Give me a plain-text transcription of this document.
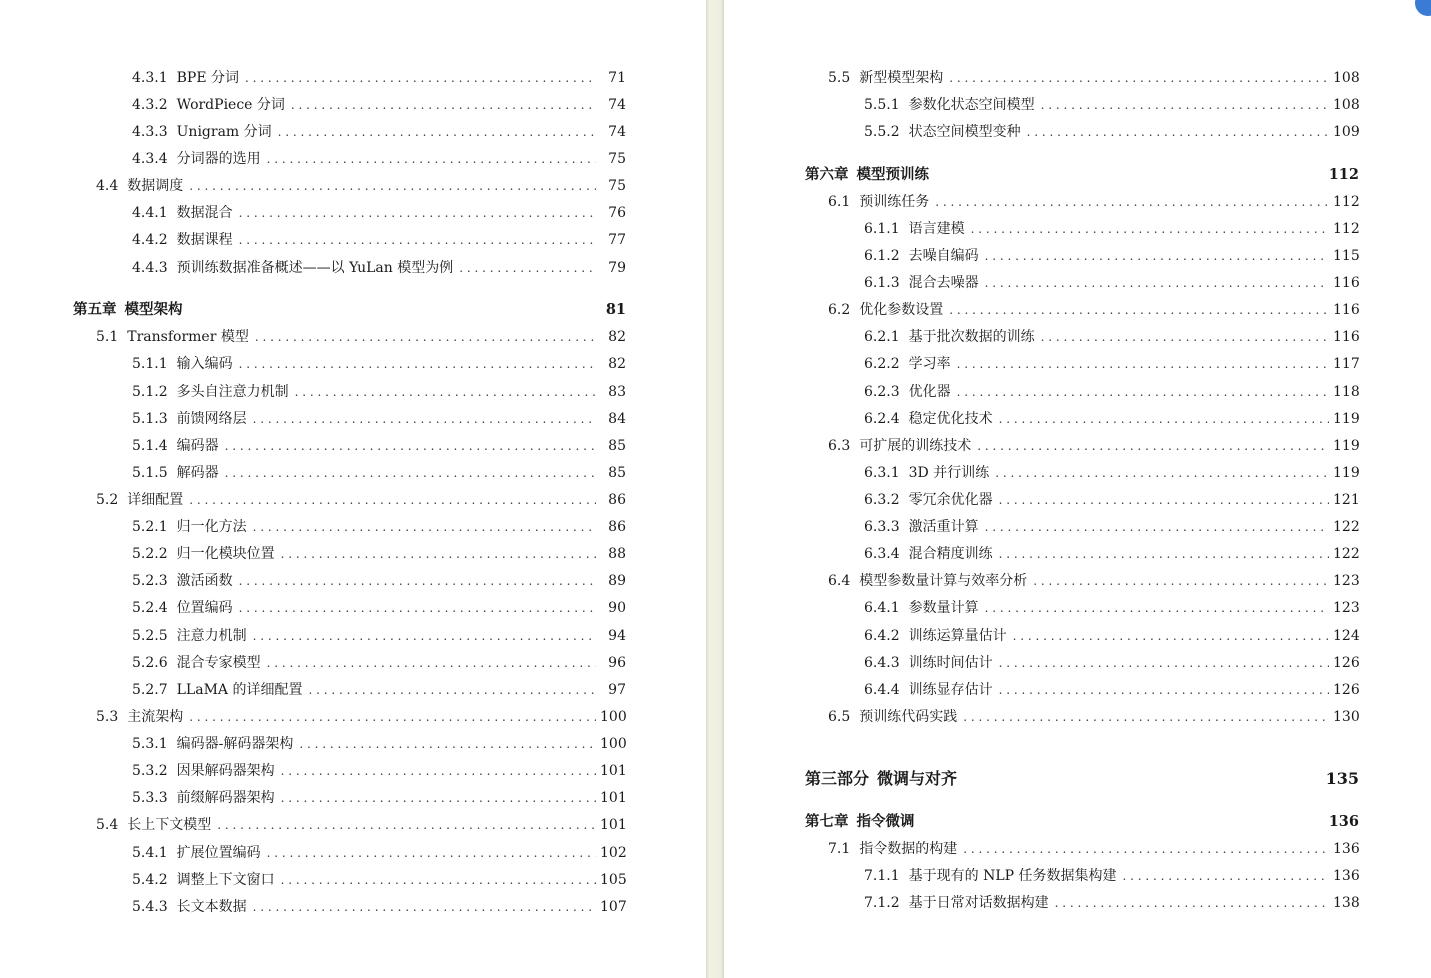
4.3.1 BPE 分词 . . .	71
4.3.2 WordPiece 分词 . . .	74
4.3.3 Unigram 分词 . . .	74
4.3.4 分词器的选用 . . .	75
4.4 数据调度 . . .	75
4.4.1 数据混合 . . .	76
4.4.2 数据课程 . . .	77
4.4.3 预训练数据准备概述——以 YuLan 模型为例 . . .	79
第五章 模型架构	81
5.1 Transformer 模型 . . .	82
5.1.1 输入编码 . . .	82
5.1.2 多头自注意力机制 . . .	83
5.1.3 前馈网络层 . . .	84
5.1.4 编码器 . . .	85
5.1.5 解码器 . . .	85
5.2 详细配置 . . .	86
5.2.1 归一化方法 . . .	86
5.2.2 归一化模块位置 . . .	88
5.2.3 激活函数 . . .	89
5.2.4 位置编码 . . .	90
5.2.5 注意力机制 . . .	94
5.2.6 混合专家模型 . . .	96
5.2.7 LLaMA 的详细配置 . . .	97
5.3 主流架构 . . .	100
5.3.1 编码器-解码器架构 . . .	100
5.3.2 因果解码器架构 . . .	101
5.3.3 前缀解码器架构 . . .	101
5.4 长上下文模型 . . .	101
5.4.1 扩展位置编码 . . .	102
5.4.2 调整上下文窗口 . . .	105
5.4.3 长文本数据 . . .	107
5.5 新型模型架构 . . .	108
5.5.1 参数化状态空间模型 . . .	108
5.5.2 状态空间模型变种 . . .	109
第六章 模型预训练	112
6.1 预训练任务 . . .	112
6.1.1 语言建模 . . .	112
6.1.2 去噪自编码 . . .	115
6.1.3 混合去噪器 . . .	116
6.2 优化参数设置 . . .	116
6.2.1 基于批次数据的训练 . . .	116
6.2.2 学习率 . . .	117
6.2.3 优化器 . . .	118
6.2.4 稳定优化技术 . . .	119
6.3 可扩展的训练技术 . . .	119
6.3.1 3D 并行训练 . . .	119
6.3.2 零冗余优化器 . . .	121
6.3.3 激活重计算 . . .	122
6.3.4 混合精度训练 . . .	122
6.4 模型参数量计算与效率分析 . . .	123
6.4.1 参数量计算 . . .	123
6.4.2 训练运算量估计 . . .	124
6.4.3 训练时间估计 . . .	126
6.4.4 训练显存估计 . . .	126
6.5 预训练代码实践 . . .	130
第三部分 微调与对齐	135
第七章 指令微调	136
7.1 指令数据的构建 . . .	136
7.1.1 基于现有的 NLP 任务数据集构建 . . .	136
7.1.2 基于日常对话数据构建 . . .	138
